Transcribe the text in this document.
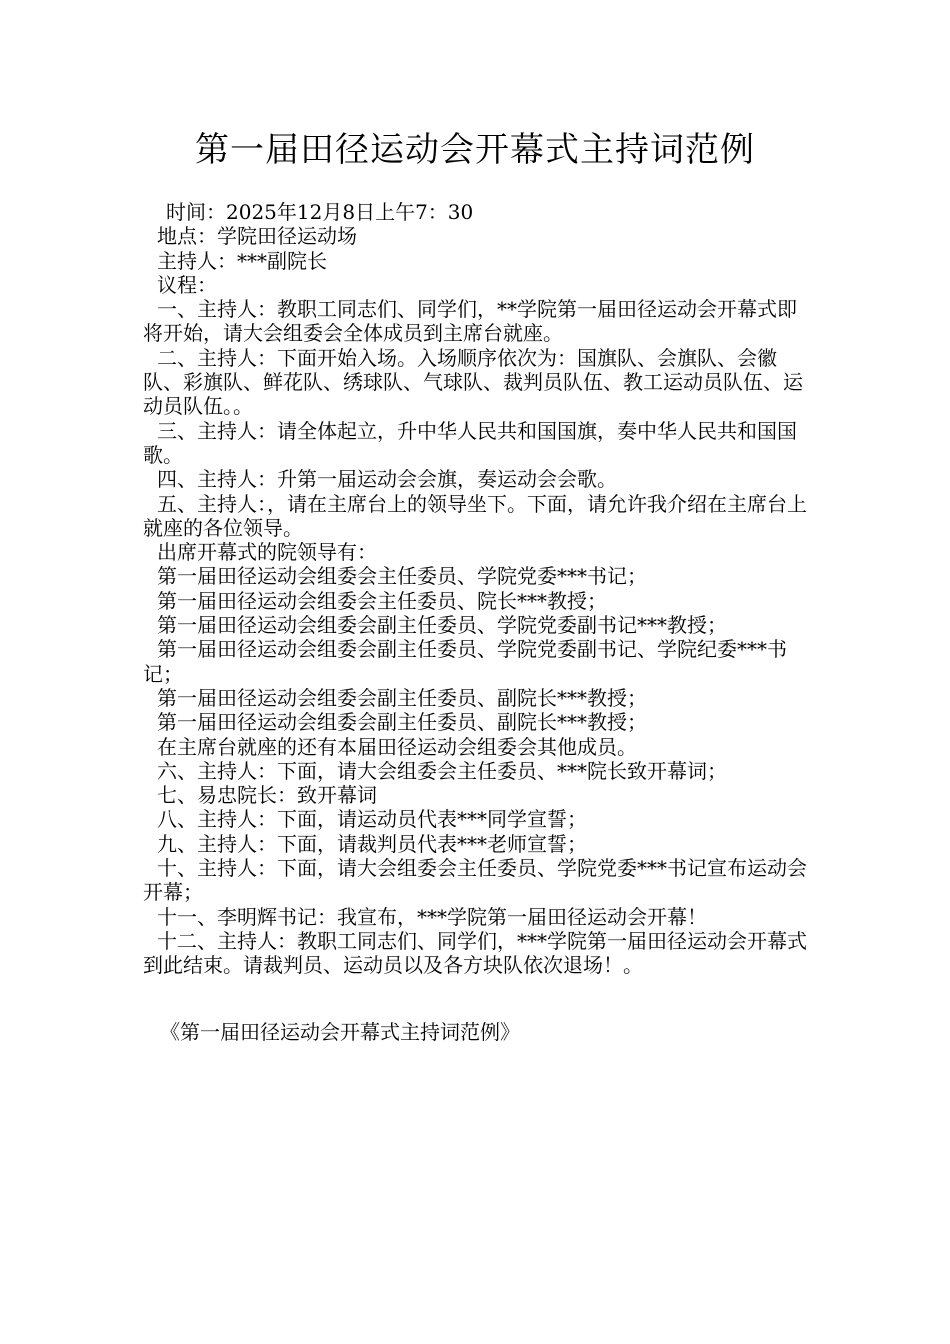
第一届田径运动会开幕式主持词范例

时间：2025年12月8日上午7：30

地点：学院田径运动场

主持人：***副院长

议程：

一、主持人：教职工同志们、同学们，**学院第一届田径运动会开幕式即将开始，请大会组委会全体成员到主席台就座。

二、主持人：下面开始入场。入场顺序依次为：国旗队、会旗队、会徽队、彩旗队、鲜花队、绣球队、气球队、裁判员队伍、教工运动员队伍、运动员队伍。。

三、主持人：请全体起立，升中华人民共和国国旗，奏中华人民共和国国歌。

四、主持人：升第一届运动会会旗，奏运动会会歌。

五、主持人：，请在主席台上的领导坐下。下面，请允许我介绍在主席台上就座的各位领导。

出席开幕式的院领导有：

第一届田径运动会组委会主任委员、学院党委***书记；

第一届田径运动会组委会主任委员、院长***教授；

第一届田径运动会组委会副主任委员、学院党委副书记***教授；

第一届田径运动会组委会副主任委员、学院党委副书记、学院纪委***书记；

第一届田径运动会组委会副主任委员、副院长***教授；

第一届田径运动会组委会副主任委员、副院长***教授；

在主席台就座的还有本届田径运动会组委会其他成员。

六、主持人：下面，请大会组委会主任委员、***院长致开幕词；

七、易忠院长：致开幕词

八、主持人：下面，请运动员代表***同学宣誓；

九、主持人：下面，请裁判员代表***老师宣誓；

十、主持人：下面，请大会组委会主任委员、学院党委***书记宣布运动会开幕；

十一、李明辉书记：我宣布，***学院第一届田径运动会开幕！

十二、主持人：教职工同志们、同学们，***学院第一届田径运动会开幕式到此结束。请裁判员、运动员以及各方块队依次退场！。

《第一届田径运动会开幕式主持词范例》
